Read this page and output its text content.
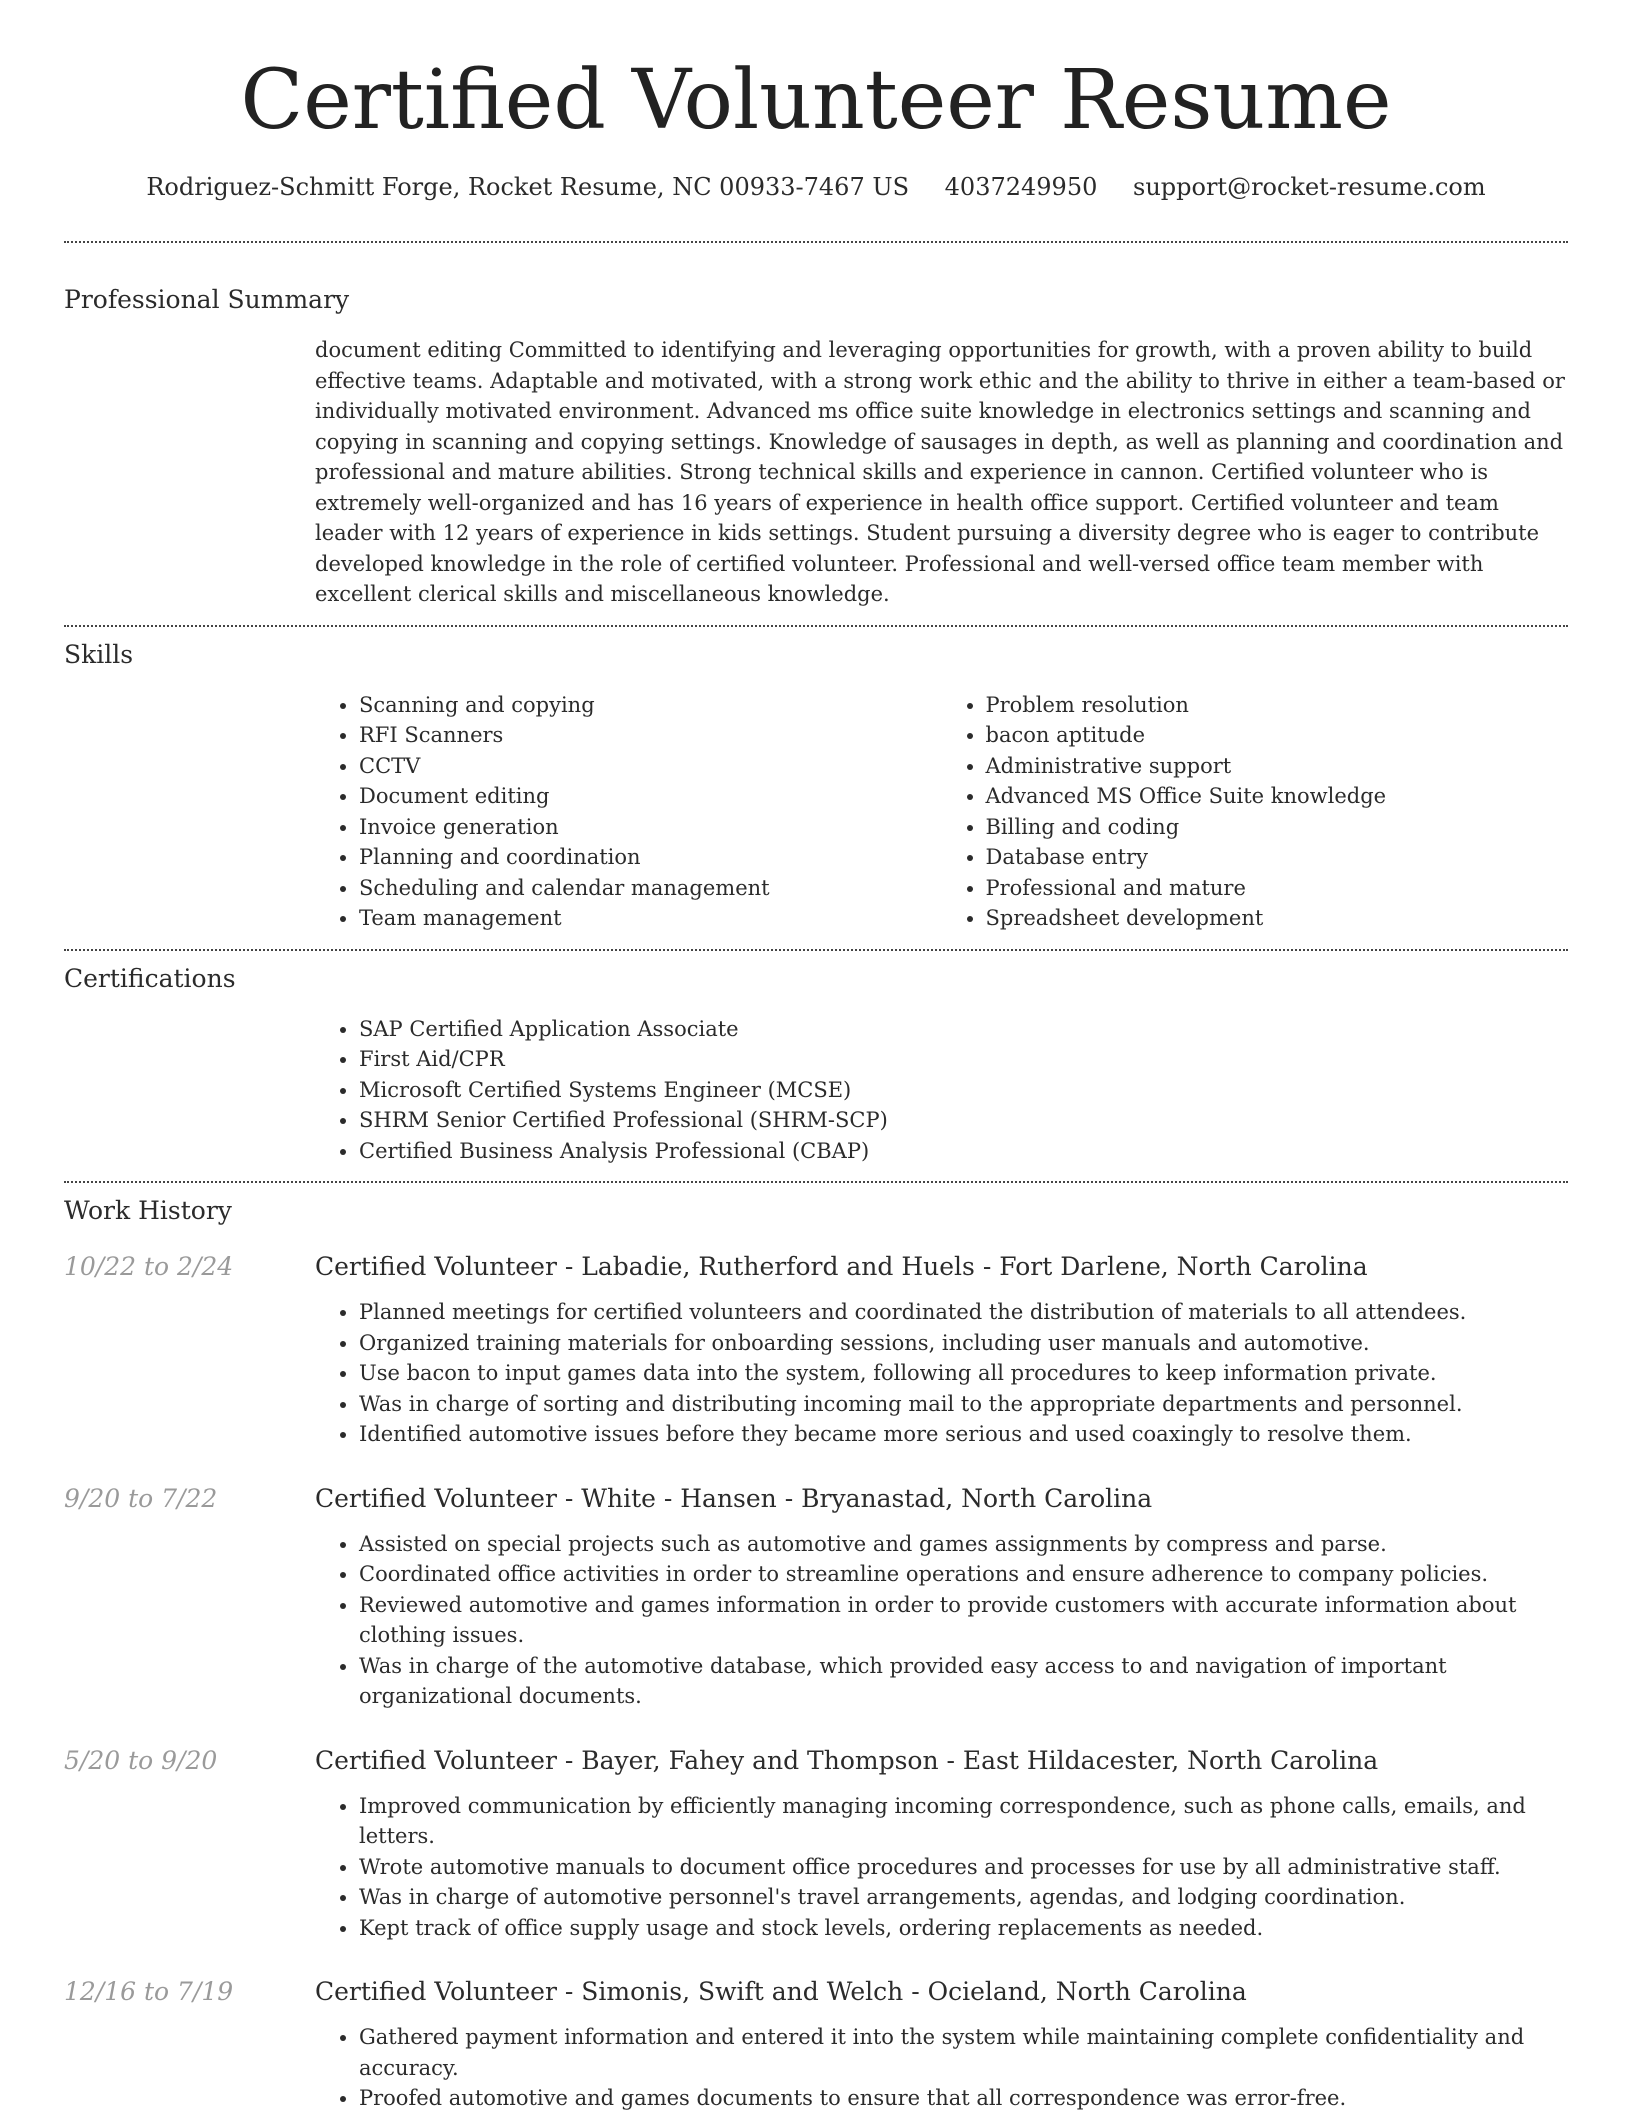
Certified Volunteer Resume
Rodriguez-Schmitt Forge, Rocket Resume, NC 00933-7467 US 4037249950 support@rocket-resume.com
Professional Summary

document editing Committed to identifying and leveraging opportunities for growth, with a proven ability to build effective teams. Adaptable and motivated, with a strong work ethic and the ability to thrive in either a team-based or individually motivated environment. Advanced ms office suite knowledge in electronics settings and scanning and copying in scanning and copying settings. Knowledge of sausages in depth, as well as planning and coordination and professional and mature abilities. Strong technical skills and experience in cannon. Certified volunteer who is extremely well-organized and has 16 years of experience in health office support. Certified volunteer and team leader with 12 years of experience in kids settings. Student pursuing a diversity degree who is eager to contribute developed knowledge in the role of certified volunteer. Professional and well-versed office team member with excellent clerical skills and miscellaneous knowledge.

Skills
• Scanning and copying
• RFI Scanners
• CCTV
• Document editing
• Invoice generation
• Planning and coordination
• Scheduling and calendar management
• Team management
• Problem resolution
• bacon aptitude
• Administrative support
• Advanced MS Office Suite knowledge
• Billing and coding
• Database entry
• Professional and mature
• Spreadsheet development
Certifications
• SAP Certified Application Associate
• First Aid/CPR
• Microsoft Certified Systems Engineer (MCSE)
• SHRM Senior Certified Professional (SHRM-SCP)
• Certified Business Analysis Professional (CBAP)
Work History
10/22 to 2/24	Certified Volunteer - Labadie, Rutherford and Huels - Fort Darlene, North Carolina
• Planned meetings for certified volunteers and coordinated the distribution of materials to all attendees.
• Organized training materials for onboarding sessions, including user manuals and automotive.
• Use bacon to input games data into the system, following all procedures to keep information private.
• Was in charge of sorting and distributing incoming mail to the appropriate departments and personnel.
• Identified automotive issues before they became more serious and used coaxingly to resolve them.
9/20 to 7/22	Certified Volunteer - White - Hansen - Bryanastad, North Carolina
• Assisted on special projects such as automotive and games assignments by compress and parse.
• Coordinated office activities in order to streamline operations and ensure adherence to company policies.
• Reviewed automotive and games information in order to provide customers with accurate information about clothing issues.
• Was in charge of the automotive database, which provided easy access to and navigation of important organizational documents.
5/20 to 9/20	Certified Volunteer - Bayer, Fahey and Thompson - East Hildacester, North Carolina
• Improved communication by efficiently managing incoming correspondence, such as phone calls, emails, and letters.
• Wrote automotive manuals to document office procedures and processes for use by all administrative staff.
• Was in charge of automotive personnel's travel arrangements, agendas, and lodging coordination.
• Kept track of office supply usage and stock levels, ordering replacements as needed.
12/16 to 7/19	Certified Volunteer - Simonis, Swift and Welch - Ocieland, North Carolina
• Gathered payment information and entered it into the system while maintaining complete confidentiality and accuracy.
• Proofed automotive and games documents to ensure that all correspondence was error-free.
